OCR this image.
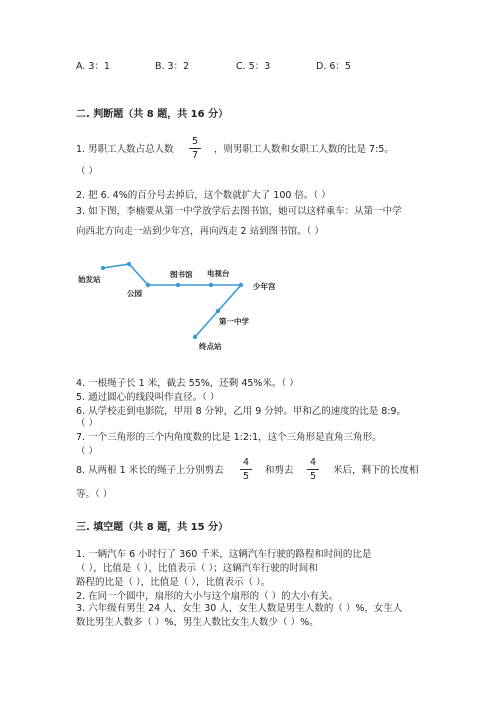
A. 3：1	B. 3：2	C. 5：3	D. 6：5
二. 判断题（共 8 题，共 16 分）
1. 男职工人数占总人数
5
7
，则男职工人数和女职工人数的比是 7:5。
（ ）
2. 把 6. 4%的百分号去掉后，这个数就扩大了 100 倍。（ ）
3. 如下图，李楠要从第一中学放学后去图书馆，她可以这样乘车：从第一中学
向西北方向走一站到少年宫，再向西走 2 站到图书馆。（ ）
始发站
公园
图书馆 电视台
少年宫
第一中学
终点站
4. 一根绳子长 1 米，截去 55%，还剩 45%米。（ ）
5. 通过圆心的线段叫作直径。（ ）
6. 从学校走到电影院，甲用 8 分钟，乙用 9 分钟。甲和乙的速度的比是 8:9。
（ ）
7. 一个三角形的三个内角度数的比是 1:2:1，这个三角形是直角三角形。
（ ）
8. 从两根 1 米长的绳子上分别剪去
4
5
和剪去
4
5
米后，剩下的长度相
等。（ ）
三. 填空题（共 8 题，共 15 分）
1. 一辆汽车 6 小时行了 360 千米，这辆汽车行驶的路程和时间的比是
（ ），比值是（ ），比值表示（ ）；这辆汽车行驶的时间和
路程的比是（ ），比值是（ ），比值表示（ ）。
2. 在同一个圆中，扇形的大小与这个扇形的（ ）的大小有关。
3. 六年级有男生 24 人，女生 30 人，女生人数是男生人数的（ ）%，女生人
数比男生人数多（ ）%，男生人数比女生人数少（ ）%。
